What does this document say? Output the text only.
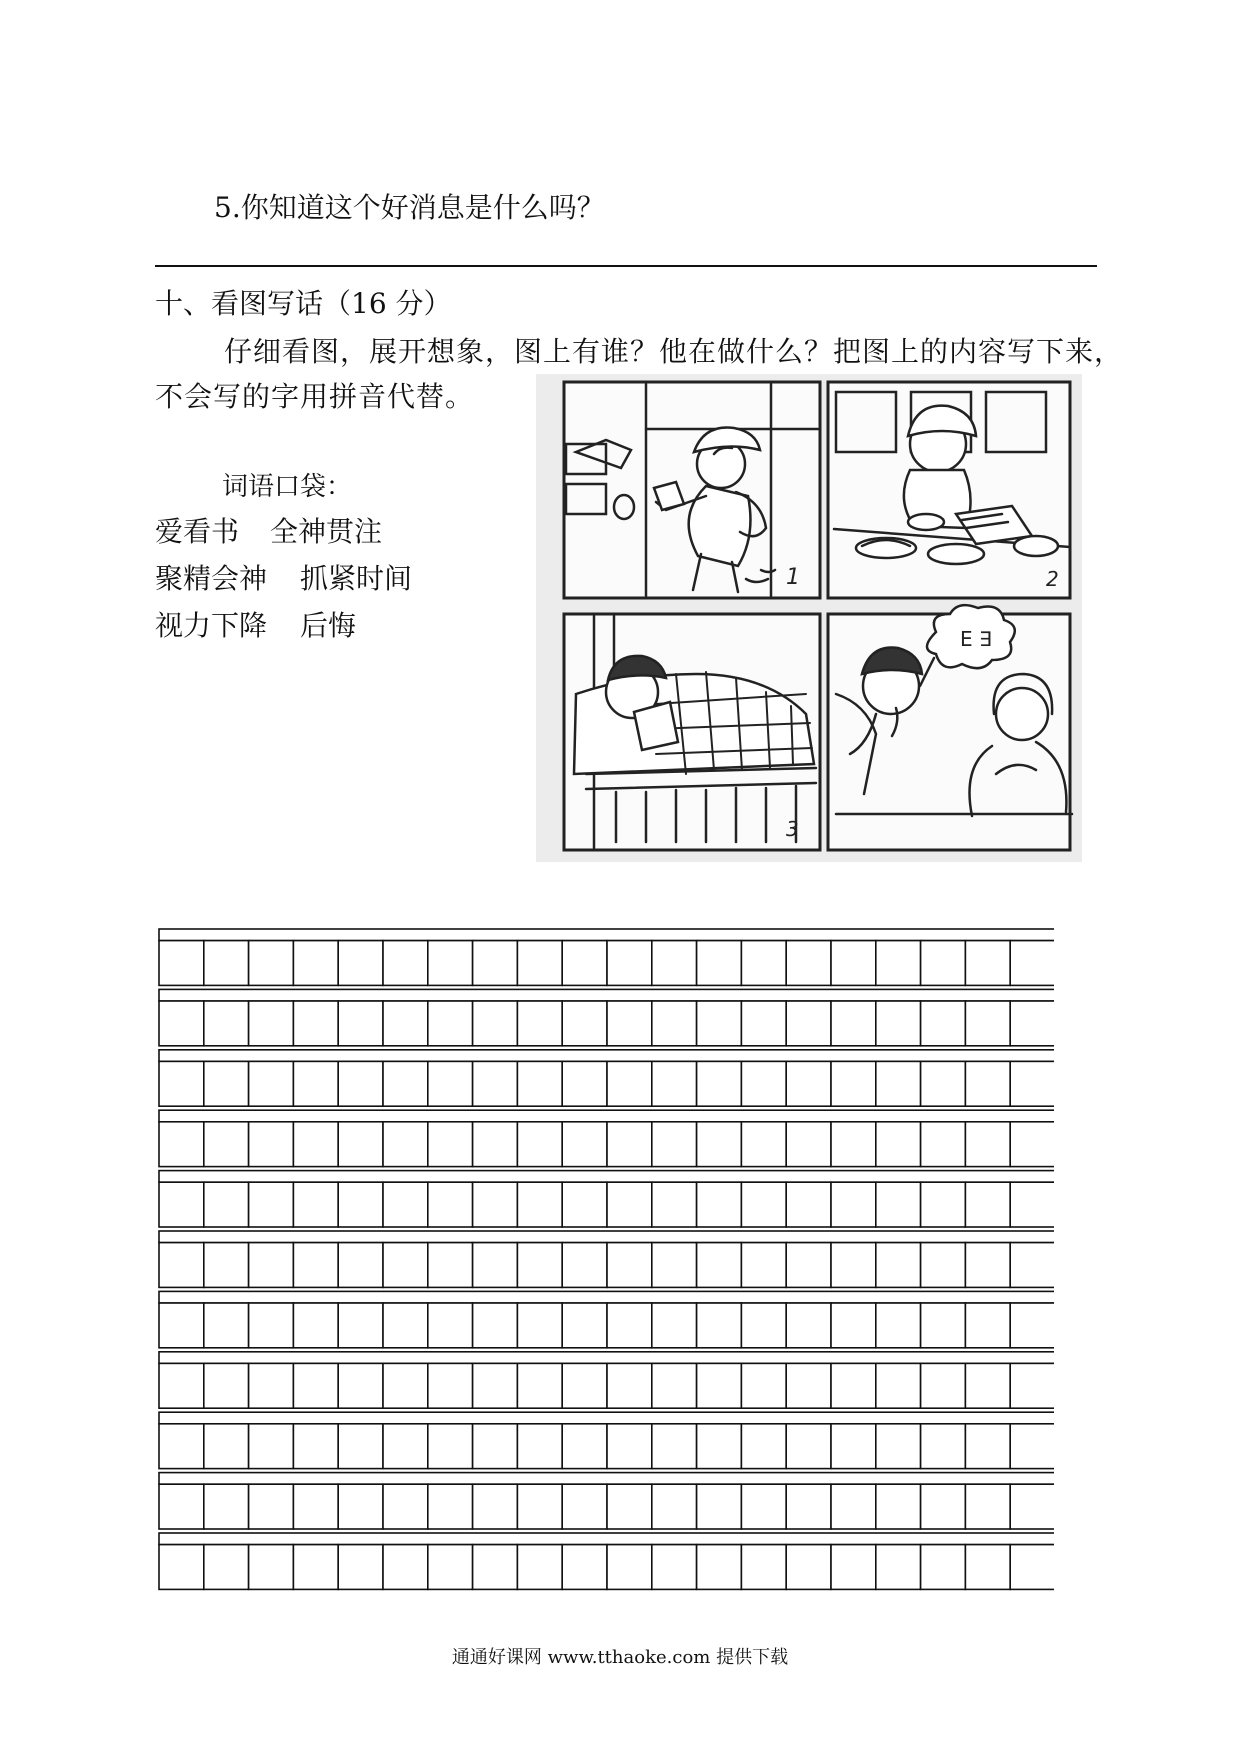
5.你知道这个好消息是什么吗？
十、看图写话（16 分）
仔细看图，展开想象，图上有谁？他在做什么？把图上的内容写下来，
不会写的字用拼音代替。
词语口袋：
爱看书 全神贯注
聚精会神 抓紧时间
视力下降 后悔
1	2
3
E ∃
通通好课网 www.tthaoke.com 提供下载
